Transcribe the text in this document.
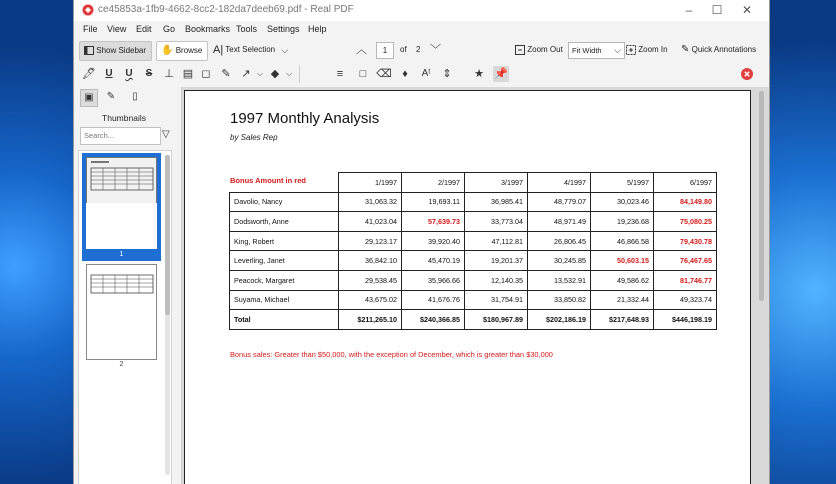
ce45853a-1fb9-4662-8cc2-182da7deeb69.pdf - Real PDF	–	☐	✕
File View Edit Go Bookmarks Tools Settings Help
Show Sidebar	✋ Browse A| Text Selection ⌵	︿	of 2 ﹀	Zoom Out	Zoom In ✎ Quick Annotations
1	Fit Width ⌵
🖊 U	U	S	⊥ ▤ ◻ ✎ ↗ ⌵ ◆ ⌵	≡	□ ⌫ ♦	Aᵗ	⇕	★ 📌
▣	✎	▯
Thumbnails
Search...	▽
1
2
1997 Monthly Analysis
by Sales Rep
	1/1997	2/1997	3/1997	4/1997	5/1997	6/1997
Davolio, Nancy	31,063.32	19,693.11	36,985.41	48,779.07	30,023.46	84,149.80
Dodsworth, Anne	41,023.04	57,639.73	33,773.04	48,971.49	19,236.68	75,080.25
King, Robert	29,123.17	39,920.40	47,112.81	26,806.45	46,866.58	79,430.78
Leverling, Janet	36,842.10	45,470.19	19,201.37	30,245.85	50,603.15	76,467.65
Peacock, Margaret	29,538.45	35,966.66	12,140.35	13,532.91	49,586.62	81,746.77
Suyama, Michael	43,675.02	41,676.76	31,754.91	33,850.82	21,332.44	49,323.74
Total	$211,265.10	$240,366.85	$180,967.89	$202,186.19	$217,648.93	$446,198.19
Bonus Amount in red
Bonus sales: Greater than $50,000, with the exception of December, which is greater than $30,000
